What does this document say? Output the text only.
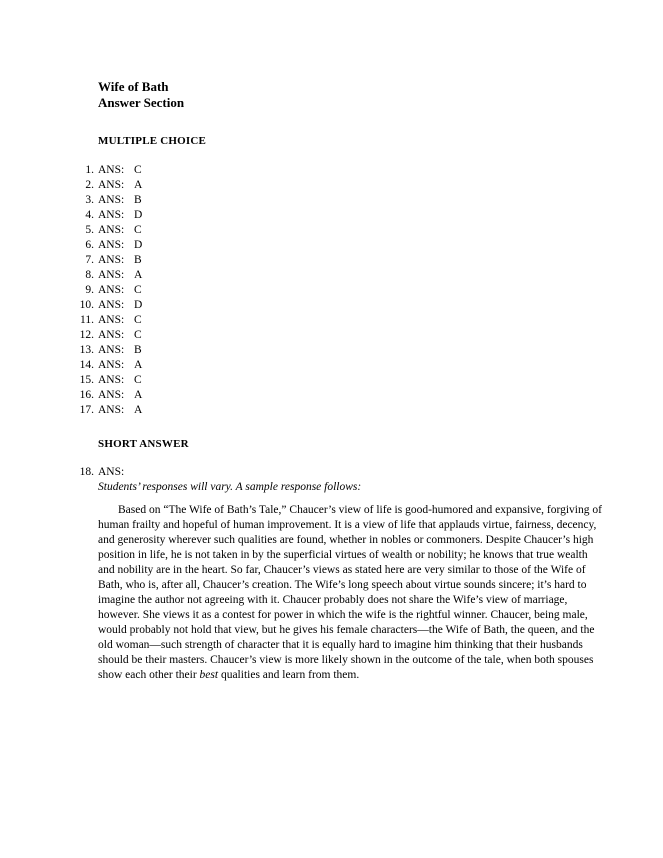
Wife of Bath
Answer Section
MULTIPLE CHOICE
1. ANS: C
2. ANS: A
3. ANS: B
4. ANS: D
5. ANS: C
6. ANS: D
7. ANS: B
8. ANS: A
9. ANS: C
10. ANS: D
11. ANS: C
12. ANS: C
13. ANS: B
14. ANS: A
15. ANS: C
16. ANS: A
17. ANS: A
SHORT ANSWER
18. ANS:
Students’ responses will vary. A sample response follows:
Based on “The Wife of Bath’s Tale,” Chaucer’s view of life is good-humored and expansive, forgiving of
human frailty and hopeful of human improvement. It is a view of life that applauds virtue, fairness, decency,
and generosity wherever such qualities are found, whether in nobles or commoners. Despite Chaucer’s high
position in life, he is not taken in by the superficial virtues of wealth or nobility; he knows that true wealth
and nobility are in the heart. So far, Chaucer’s views as stated here are very similar to those of the Wife of
Bath, who is, after all, Chaucer’s creation. The Wife’s long speech about virtue sounds sincere; it’s hard to
imagine the author not agreeing with it. Chaucer probably does not share the Wife’s view of marriage,
however. She views it as a contest for power in which the wife is the rightful winner. Chaucer, being male,
would probably not hold that view, but he gives his female characters—the Wife of Bath, the queen, and the
old woman—such strength of character that it is equally hard to imagine him thinking that their husbands
should be their masters. Chaucer’s view is more likely shown in the outcome of the tale, when both spouses
show each other their best qualities and learn from them.
